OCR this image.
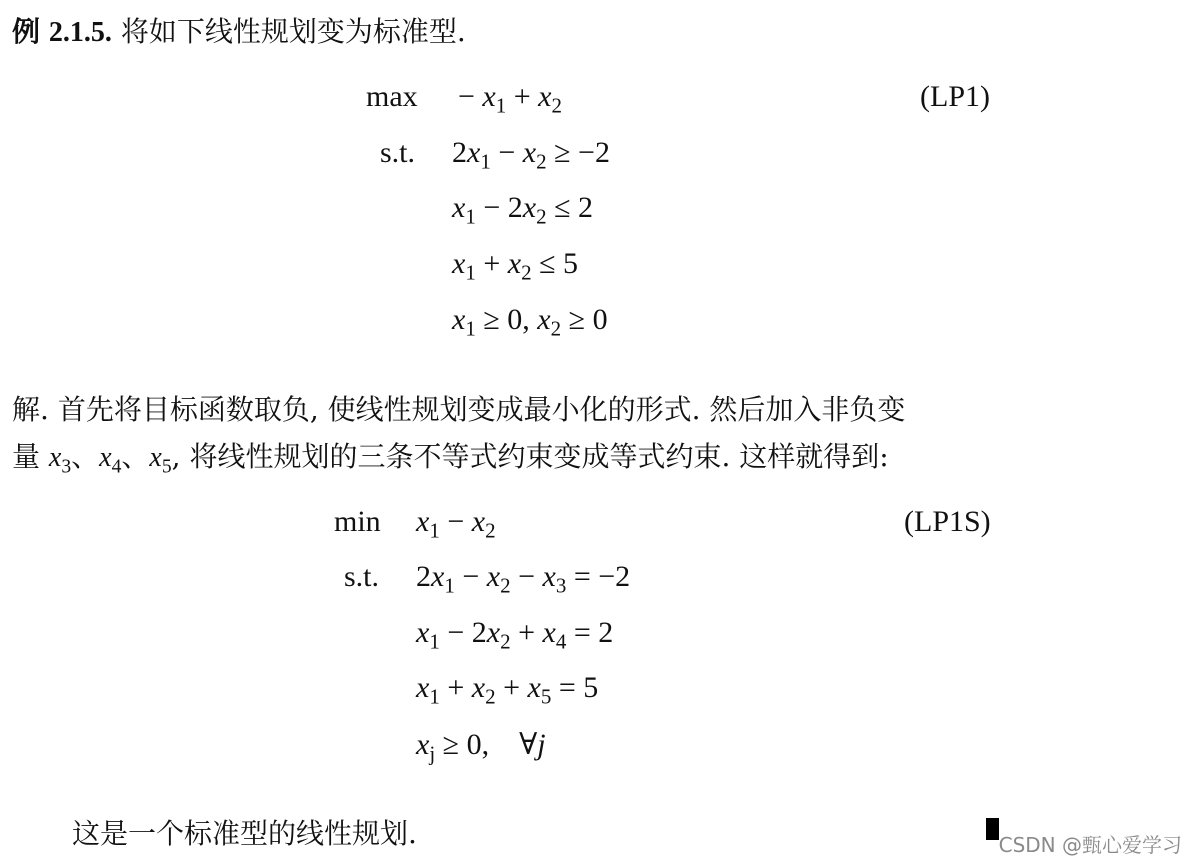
例 2.1.5. 将如下线性规划变为标准型.
$\max - x_1 + x_2$	(LP1)
s.t. $2x_1 - x_2 \ge -2$
$x_1 - 2x_2 \le 2$
$x_1 + x_2 \le 5$
$x_1 \ge 0$, $x_2 \ge 0$
解. 首先将目标函数取负, 使线性规划变成最小化的形式. 然后加入非负变
量 $x_3$、$x_4$、$x_5$, 将线性规划的三条不等式约束变成等式约束. 这样就得到:
$\min x_1 - x_2$	(LP1S)
s.t. $2x_1 - x_2 - x_3 = -2$
$x_1 - 2x_2 + x_4 = 2$
$x_1 + x_2 + x_5 = 5$
$x_j \ge 0$,    ∀j
这是一个标准型的线性规划.	CSDN @甄心爱学习
